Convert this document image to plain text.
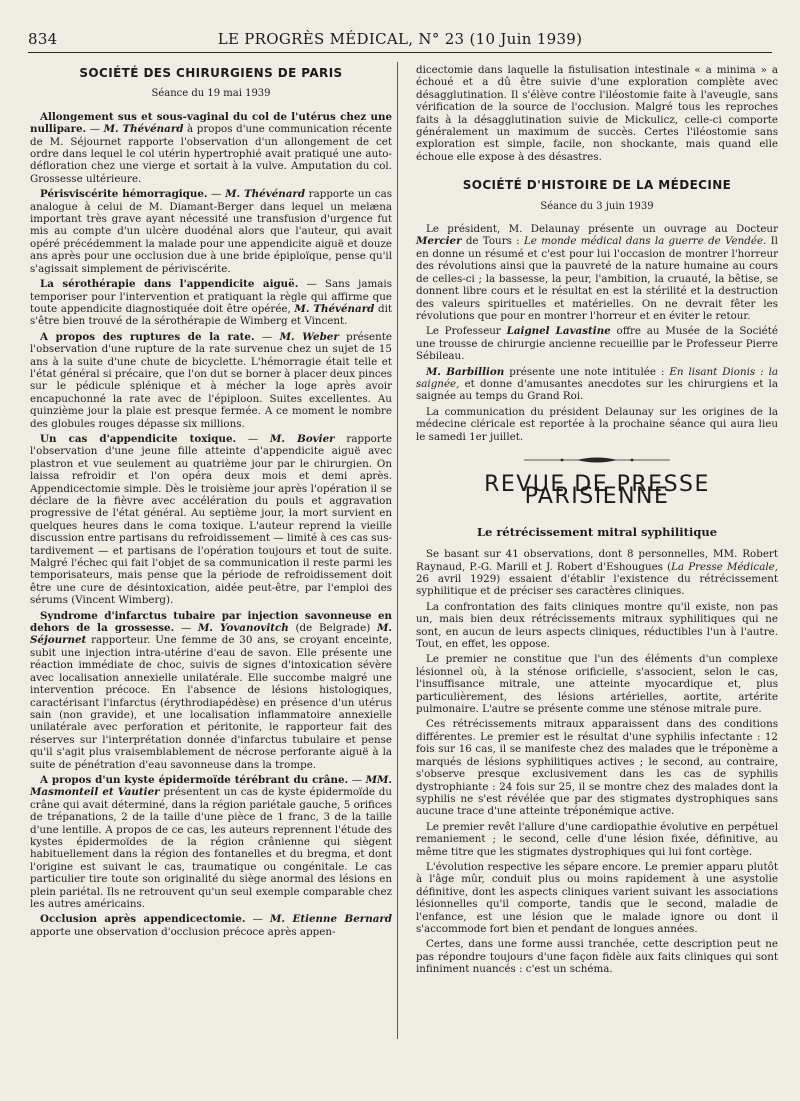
834	LE PROGRÈS MÉDICAL, N° 23 (10 Juin 1939)
SOCIÉTÉ DES CHIRURGIENS DE PARIS
Séance du 19 mai 1939

Allongement sus et sous-vaginal du col de l'utérus chez une nullipare. — M. Thévénard à propos d'une communication récente de M. Séjournet rapporte l'observation d'un allongement de cet ordre dans lequel le col utérin hypertrophié avait pratiqué une auto-défloration chez une vierge et sortait à la vulve. Amputation du col. Grossesse ultérieure.

Périsviscérite hémorragique. — M. Thévénard rapporte un cas analogue à celui de M. Diamant-Berger dans lequel un melæna important très grave ayant nécessité une transfusion d'urgence fut mis au compte d'un ulcère duodénal alors que l'auteur, qui avait opéré précédemment la malade pour une appendicite aiguë et douze ans après pour une occlusion due à une bride épiploïque, pense qu'il s'agissait simplement de périviscérite.

La sérothérapie dans l'appendicite aiguë. — Sans jamais temporiser pour l'intervention et pratiquant la règle qui affirme que toute appendicite diagnostiquée doit être opérée, M. Thévénard dit s'être bien trouvé de la sérothérapie de Wimberg et Vincent.

A propos des ruptures de la rate. — M. Weber présente l'observation d'une rupture de la rate survenue chez un sujet de 15 ans à la suite d'une chute de bicyclette. L'hémorragie était telle et l'état général si précaire, que l'on dut se borner à placer deux pinces sur le pédicule splénique et à mécher la loge après avoir encapuchonné la rate avec de l'épiploon. Suites excellentes. Au quinzième jour la plaie est presque fermée. A ce moment le nombre des globules rouges dépasse six millions.

Un cas d'appendicite toxique. — M. Bovier rapporte l'observation d'une jeune fille atteinte d'appendicite aiguë avec plastron et vue seulement au quatrième jour par le chirurgien. On laissa refroidir et l'on opéra deux mois et demi après. Appendicectomie simple. Dès le troisième jour après l'opération il se déclare de la fièvre avec accélération du pouls et aggravation progressive de l'état général. Au septième jour, la mort survient en quelques heures dans le coma toxique. L'auteur reprend la vieille discussion entre partisans du refroidissement — limité à ces cas sus-tardivement — et partisans de l'opération toujours et tout de suite. Malgré l'échec qui fait l'objet de sa communication il reste parmi les temporisateurs, mais pense que la période de refroidissement doit être une cure de désintoxication, aidée peut-être, par l'emploi des sérums (Vincent Wimberg).

Syndrome d'infarctus tubaire par injection savonneuse en dehors de la grossesse. — M. Yovanovitch (de Belgrade) M. Séjournet rapporteur. Une femme de 30 ans, se croyant enceinte, subit une injection intra-utérine d'eau de savon. Elle présente une réaction immédiate de choc, suivis de signes d'intoxication sévère avec localisation annexielle unilatérale. Elle succombe malgré une intervention précoce. En l'absence de lésions histologiques, caractérisant l'infarctus (érythrodiapédèse) en présence d'un utérus sain (non gravide), et une localisation inflammatoire annexielle unilatérale avec perforation et péritonite, le rapporteur fait des réserves sur l'interprétation donnée d'infarctus tubulaire et pense qu'il s'agit plus vraisemblablement de nécrose perforante aiguë à la suite de pénétration d'eau savonneuse dans la trompe.

A propos d'un kyste épidermoïde térébrant du crâne. — MM. Masmonteil et Vautier présentent un cas de kyste épidermoïde du crâne qui avait déterminé, dans la région pariétale gauche, 5 orifices de trépanations, 2 de la taille d'une pièce de 1 franc, 3 de la taille d'une lentille. A propos de ce cas, les auteurs reprennent l'étude des kystes épidermoïdes de la région crânienne qui siègent habituellement dans la région des fontanelles et du bregma, et dont l'origine est suivant le cas, traumatique ou congénitale. Le cas particulier tire toute son originalité du siège anormal des lésions en plein pariétal. Ils ne retrouvent qu'un seul exemple comparable chez les autres américains.

Occlusion après appendicectomie. — M. Etienne Bernard apporte une observation d'occlusion précoce après appen-

dicectomie dans laquelle la fistulisation intestinale « a minima » a échoué et a dû être suivie d'une exploration complète avec désagglutination. Il s'élève contre l'iléostomie faite à l'aveugle, sans vérification de la source de l'occlusion. Malgré tous les reproches faits à la désagglutination suivie de Mickulicz, celle-ci comporte généralement un maximum de succès. Certes l'iléostomie sans exploration est simple, facile, non shockante, mais quand elle échoue elle expose à des désastres.

SOCIÉTÉ D'HISTOIRE DE LA MÉDECINE
Séance du 3 juin 1939

Le président, M. Delaunay présente un ouvrage au Docteur Mercier de Tours : Le monde médical dans la guerre de Vendée. Il en donne un résumé et c'est pour lui l'occasion de montrer l'horreur des révolutions ainsi que la pauvreté de la nature humaine au cours de celles-ci ; la bassesse, la peur, l'ambition, la cruauté, la bêtise, se donnent libre cours et le résultat en est la stérilité et la destruction des valeurs spirituelles et matérielles. On ne devrait fêter les révolutions que pour en montrer l'horreur et en éviter le retour.

Le Professeur Laignel Lavastine offre au Musée de la Société une trousse de chirurgie ancienne recueillie par le Professeur Pierre Sébileau.

M. Barbillion présente une note intitulée : En lisant Dionis : la saignée, et donne d'amusantes anecdotes sur les chirurgiens et la saignée au temps du Grand Roi.

La communication du président Delaunay sur les origines de la médecine cléricale est reportée à la prochaine séance qui aura lieu le samedi 1er juillet.

REVUE DE PRESSE PARISIENNE
Le rétrécissement mitral syphilitique

Se basant sur 41 observations, dont 8 personnelles, MM. Robert Raynaud, P.-G. Marill et J. Robert d'Eshougues (La Presse Médicale, 26 avril 1929) essaient d'établir l'existence du rétrécissement syphilitique et de préciser ses caractères cliniques.

La confrontation des faits cliniques montre qu'il existe, non pas un, mais bien deux rétrécissements mitraux syphilitiques qui ne sont, en aucun de leurs aspects cliniques, réductibles l'un à l'autre. Tout, en effet, les oppose.

Le premier ne constitue que l'un des éléments d'un complexe lésionnel où, à la sténose orificielle, s'associent, selon le cas, l'insuffisance mitrale, une atteinte myocardique et, plus particulièrement, des lésions artérielles, aortite, artérite pulmonaire. L'autre se présente comme une sténose mitrale pure.

Ces rétrécissements mitraux apparaissent dans des conditions différentes. Le premier est le résultat d'une syphilis infectante : 12 fois sur 16 cas, il se manifeste chez des malades que le tréponème a marqués de lésions syphilitiques actives ; le second, au contraire, s'observe presque exclusivement dans les cas de syphilis dystrophiante : 24 fois sur 25, il se montre chez des malades dont la syphilis ne s'est révélée que par des stigmates dystrophiques sans aucune trace d'une atteinte tréponémique active.

Le premier revêt l'allure d'une cardiopathie évolutive en perpétuel remaniement ; le second, celle d'une lésion fixée, définitive, au même titre que les stigmates dystrophiques qui lui font cortège.

L'évolution respective les sépare encore. Le premier apparu plutôt à l'âge mûr, conduit plus ou moins rapidement à une asystolie définitive, dont les aspects cliniques varient suivant les associations lésionnelles qu'il comporte, tandis que le second, maladie de l'enfance, est une lésion que le malade ignore ou dont il s'accommode fort bien et pendant de longues années.

Certes, dans une forme aussi tranchée, cette description peut ne pas répondre toujours d'une façon fidèle aux faits cliniques qui sont infiniment nuancés : c'est un schéma.
